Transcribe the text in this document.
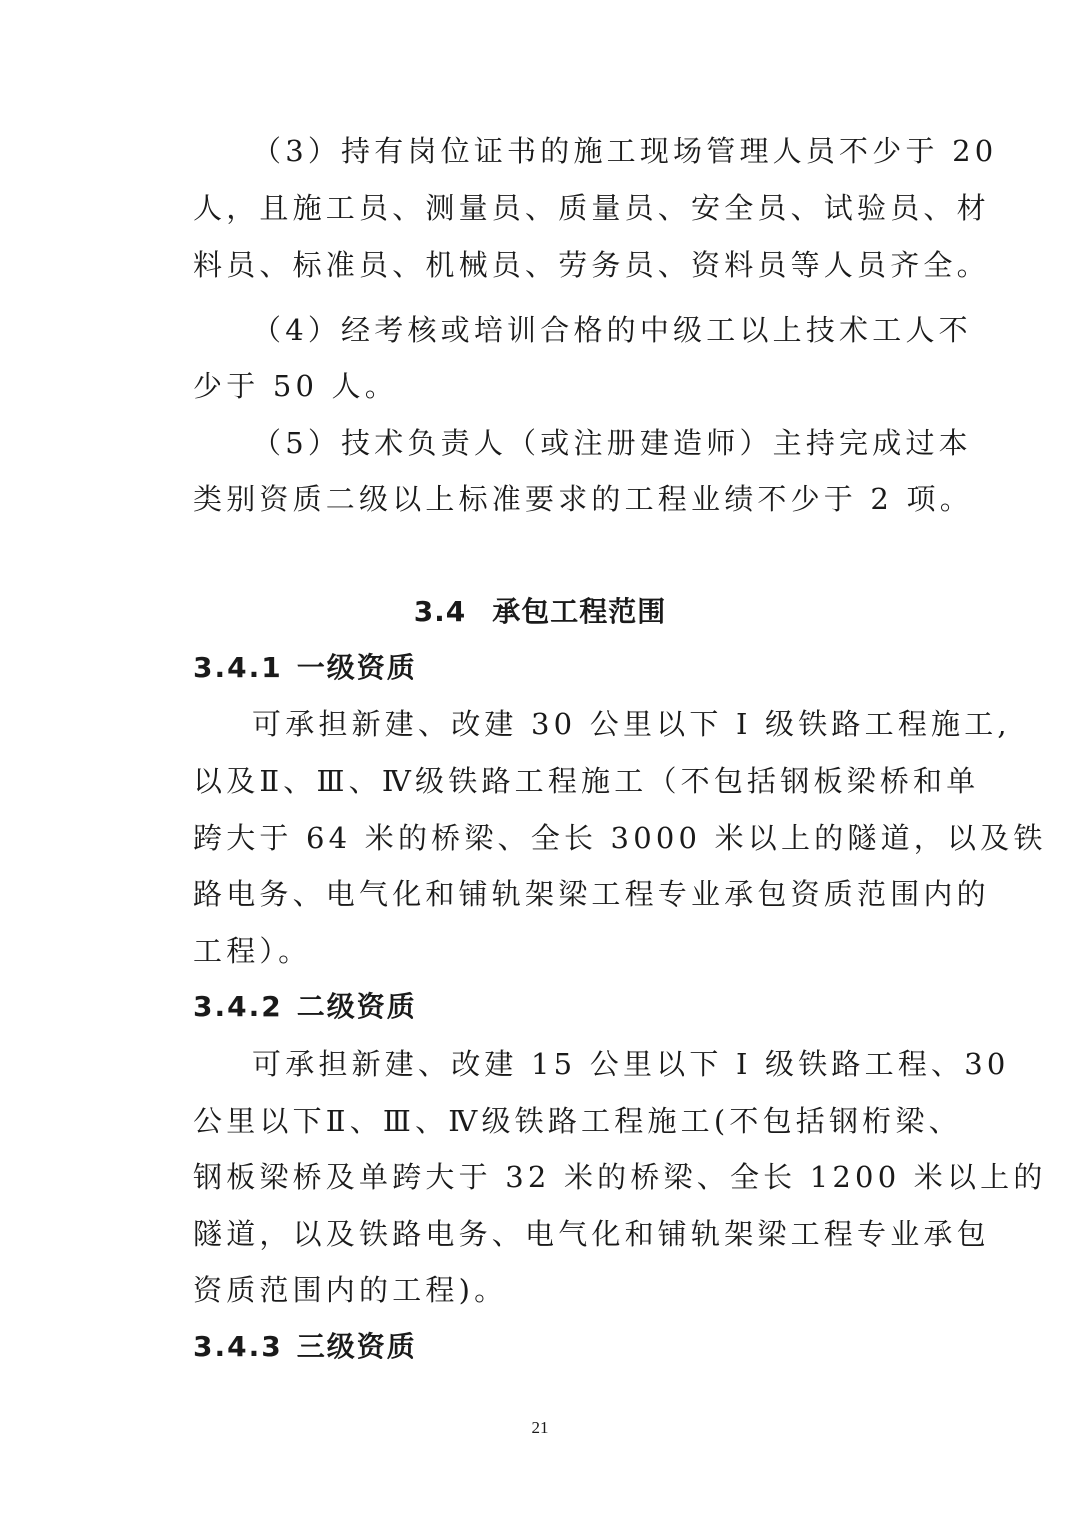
（3）持有岗位证书的施工现场管理人员不少于 20
人，且施工员、测量员、质量员、安全员、试验员、材
料员、标准员、机械员、劳务员、资料员等人员齐全。
（4）经考核或培训合格的中级工以上技术工人不
少于 50 人。
（5）技术负责人（或注册建造师）主持完成过本
类别资质二级以上标准要求的工程业绩不少于 2 项。
3.4 承包工程范围
3.4.1 一级资质
可承担新建、改建 30 公里以下 I 级铁路工程施工,
以及Ⅱ、Ⅲ、Ⅳ级铁路工程施工（不包括钢板梁桥和单
跨大于 64 米的桥梁、全长 3000 米以上的隧道，以及铁
路电务、电气化和铺轨架梁工程专业承包资质范围内的
工程）。
3.4.2 二级资质
可承担新建、改建 15 公里以下 I 级铁路工程、30
公里以下Ⅱ、Ⅲ、Ⅳ级铁路工程施工(不包括钢桁梁、
钢板梁桥及单跨大于 32 米的桥梁、全长 1200 米以上的
隧道，以及铁路电务、电气化和铺轨架梁工程专业承包
资质范围内的工程)。
3.4.3 三级资质
21
